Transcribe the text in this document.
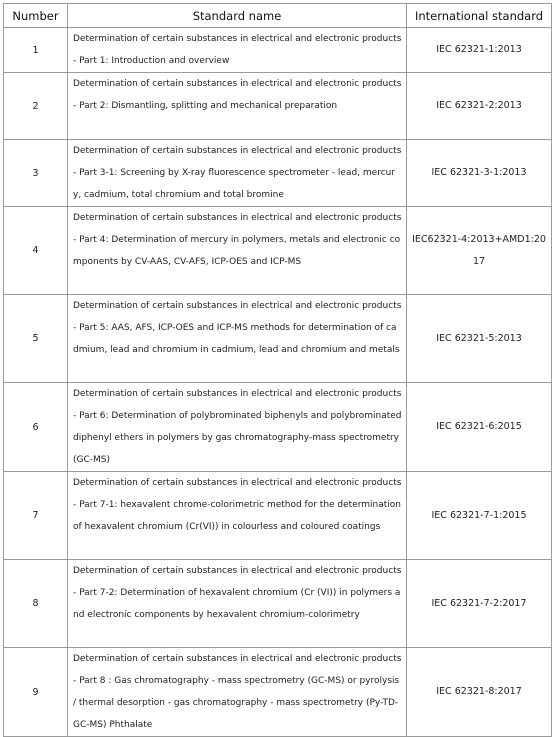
Number	Standard name	International standard
1	Determination of certain substances in electrical and electronic products - Part 1: Introduction and overview	IEC 62321-1:2013
2	Determination of certain substances in electrical and electronic products - Part 2: Dismantling, splitting and mechanical preparation	IEC 62321-2:2013
3	Determination of certain substances in electrical and electronic products - Part 3-1: Screening by X-ray fluorescence spectrometer - lead, mercury, cadmium, total chromium and total bromine	IEC 62321-3-1:2013
4	Determination of certain substances in electrical and electronic products - Part 4: Determination of mercury in polymers, metals and electronic components by CV-AAS, CV-AFS, ICP-OES and ICP-MS	IEC62321-4:2013+AMD1:2017
5	Determination of certain substances in electrical and electronic products - Part 5: AAS, AFS, ICP-OES and ICP-MS methods for determination of cadmium, lead and chromium in cadmium, lead and chromium and metals	IEC 62321-5:2013
6	Determination of certain substances in electrical and electronic products - Part 6: Determination of polybrominated biphenyls and polybrominated diphenyl ethers in polymers by gas chromatography-mass spectrometry (GC-MS)	IEC 62321-6:2015
7	Determination of certain substances in electrical and electronic products - Part 7-1: hexavalent chrome-colorimetric method for the determination of hexavalent chromium (Cr(VI)) in colourless and coloured coatings	IEC 62321-7-1:2015
8	Determination of certain substances in electrical and electronic products - Part 7-2: Determination of hexavalent chromium (Cr (VI)) in polymers and electronic components by hexavalent chromium-colorimetry	IEC 62321-7-2:2017
9	Determination of certain substances in electrical and electronic products - Part 8 : Gas chromatography - mass spectrometry (GC-MS) or pyrolysis / thermal desorption - gas chromatography - mass spectrometry (Py-TD-GC-MS) Phthalate	IEC 62321-8:2017
